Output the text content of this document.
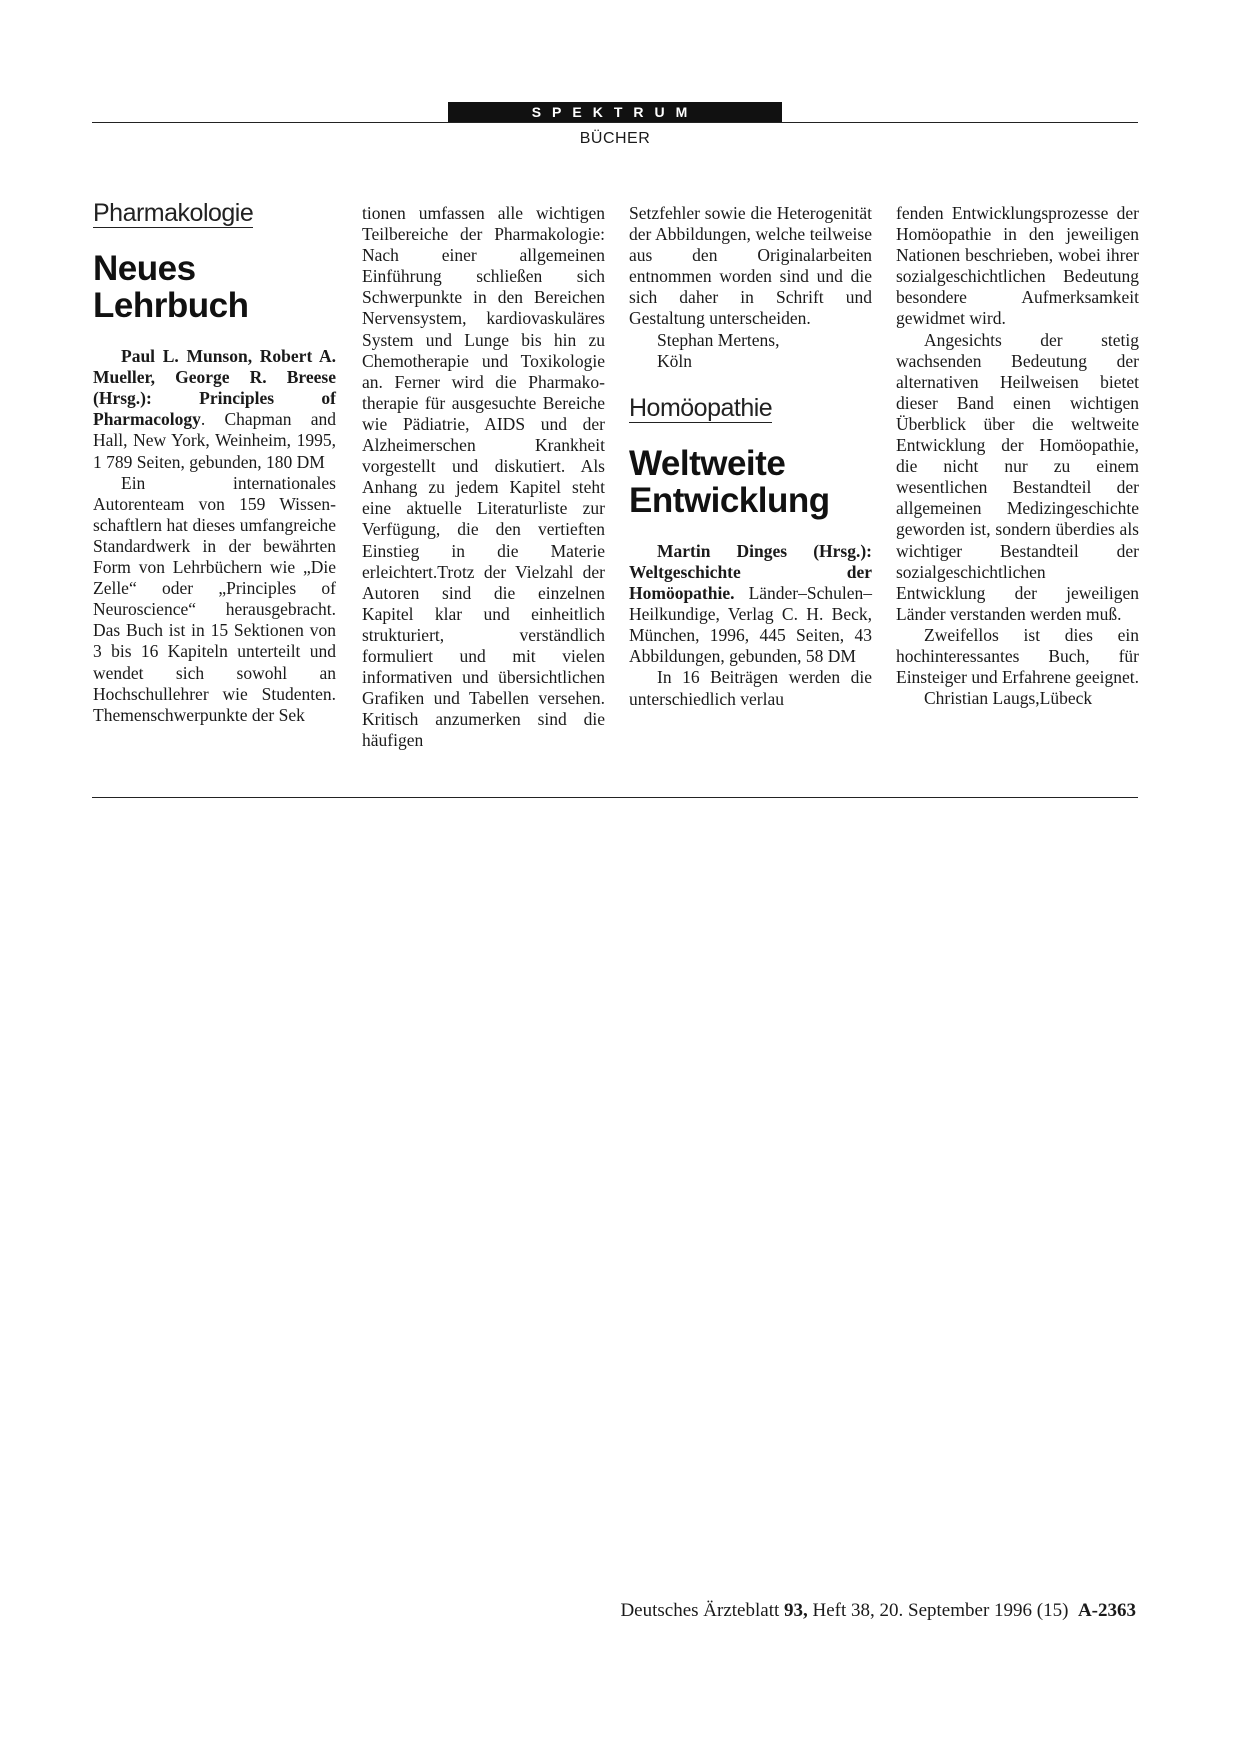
SPEKTRUM
BÜCHER
Pharmakologie
Neues Lehrbuch

Paul L. Munson, Robert A. Mueller, George R. Breese (Hrsg.): Principles of Pharmacology. Chapman and Hall, New York, Weinheim, 1995, 1 789 Seiten, gebunden, 180 DM

Ein internationales Autorenteam von 159 Wissenschaftlern hat dieses umfangreiche Standardwerk in der bewährten Form von Lehrbüchern wie „Die Zelle“ oder „Principles of Neuroscience“ herausgebracht. Das Buch ist in 15 Sektionen von 3 bis 16 Kapiteln unterteilt und wendet sich sowohl an Hochschullehrer wie Studenten. Themenschwerpunkte der Sek

tionen umfassen alle wichtigen Teilbereiche der Pharmakologie: Nach einer allgemeinen Einführung schließen sich Schwerpunkte in den Bereichen Nervensystem, kardiovaskuläres System und Lunge bis hin zu Chemotherapie und Toxikologie an. Ferner wird die Pharmakotherapie für ausgesuchte Bereiche wie Pädiatrie, AIDS und der Alzheimerschen Krankheit vorgestellt und diskutiert. Als Anhang zu jedem Kapitel steht eine aktuelle Literaturliste zur Verfügung, die den vertieften Einstieg in die Materie erleichtert.Trotz der Vielzahl der Autoren sind die einzelnen Kapitel klar und einheitlich strukturiert, verständlich formuliert und mit vielen informativen und übersichtlichen Grafiken und Tabellen versehen. Kritisch anzumerken sind die häufigen

Setzfehler sowie die Heterogenität der Abbildungen, welche teilweise aus den Originalarbeiten entnommen worden sind und die sich daher in Schrift und Gestaltung unterscheiden.

Stephan Mertens,
Köln
Homöopathie
Weltweite Entwicklung

Martin Dinges (Hrsg.): Weltgeschichte der Homöopathie. Länder–Schulen–Heilkundige, Verlag C. H. Beck, München, 1996, 445 Seiten, 43 Abbildungen, gebunden, 58 DM

In 16 Beiträgen werden die unterschiedlich verlau

fenden Entwicklungsprozesse der Homöopathie in den jeweiligen Nationen beschrieben, wobei ihrer sozialgeschichtlichen Bedeutung besondere Aufmerksamkeit gewidmet wird.

Angesichts der stetig wachsenden Bedeutung der alternativen Heilweisen bietet dieser Band einen wichtigen Überblick über die weltweite Entwicklung der Homöopathie, die nicht nur zu einem wesentlichen Bestandteil der allgemeinen Medizingeschichte geworden ist, sondern überdies als wichtiger Bestandteil der sozialgeschichtlichen Entwicklung der jeweiligen Länder verstanden werden muß.

Zweifellos ist dies ein hochinteressantes Buch, für Einsteiger und Erfahrene geeignet.

Christian Laugs,Lübeck
Deutsches Ärzteblatt 93, Heft 38, 20. September 1996 (15)  A-2363
